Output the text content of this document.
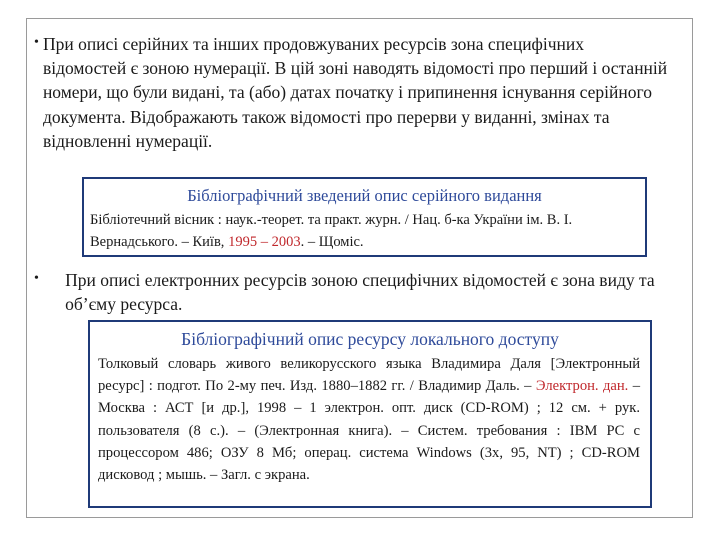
• При описі серійних та інших продовжуваних ресурсів зона специфічних відомостей є зоною нумерації. В цій зоні наводять відомості про перший і останній номери, що були видані, та (або) датах початку і припинення існування серійного документа. Відображають також відомості про перерви у виданні, змінах та відновленні нумерації.
Бібліографічний зведений опис серійного видання
Бібліотечний вісник : наук.-теорет. та практ. журн. / Нац. б-ка України ім. В. І. Вернадського. – Київ, 1995 – 2003. – Щоміс.
•	При описі електронних ресурсів зоною специфічних відомостей є зона виду та об’єму ресурса.
Бібліографічний опис ресурсу локального доступу
Толковый словарь живого великорусского языка Владимира Даля [Электронный ресурс] : подгот. По 2-му печ. Изд. 1880–1882 гг. / Владимир Даль. – Электрон. дан. – Москва : АСТ [и др.], 1998 – 1 электрон. опт. диск (CD-ROM) ; 12 см. + рук. пользователя (8 с.). – (Электронная книга). – Систем. требования : IBM PC с процессором 486; ОЗУ 8 Мб; операц. система Windows (3х, 95, NT) ; CD-ROM дисковод ; мышь. – Загл. с экрана.
